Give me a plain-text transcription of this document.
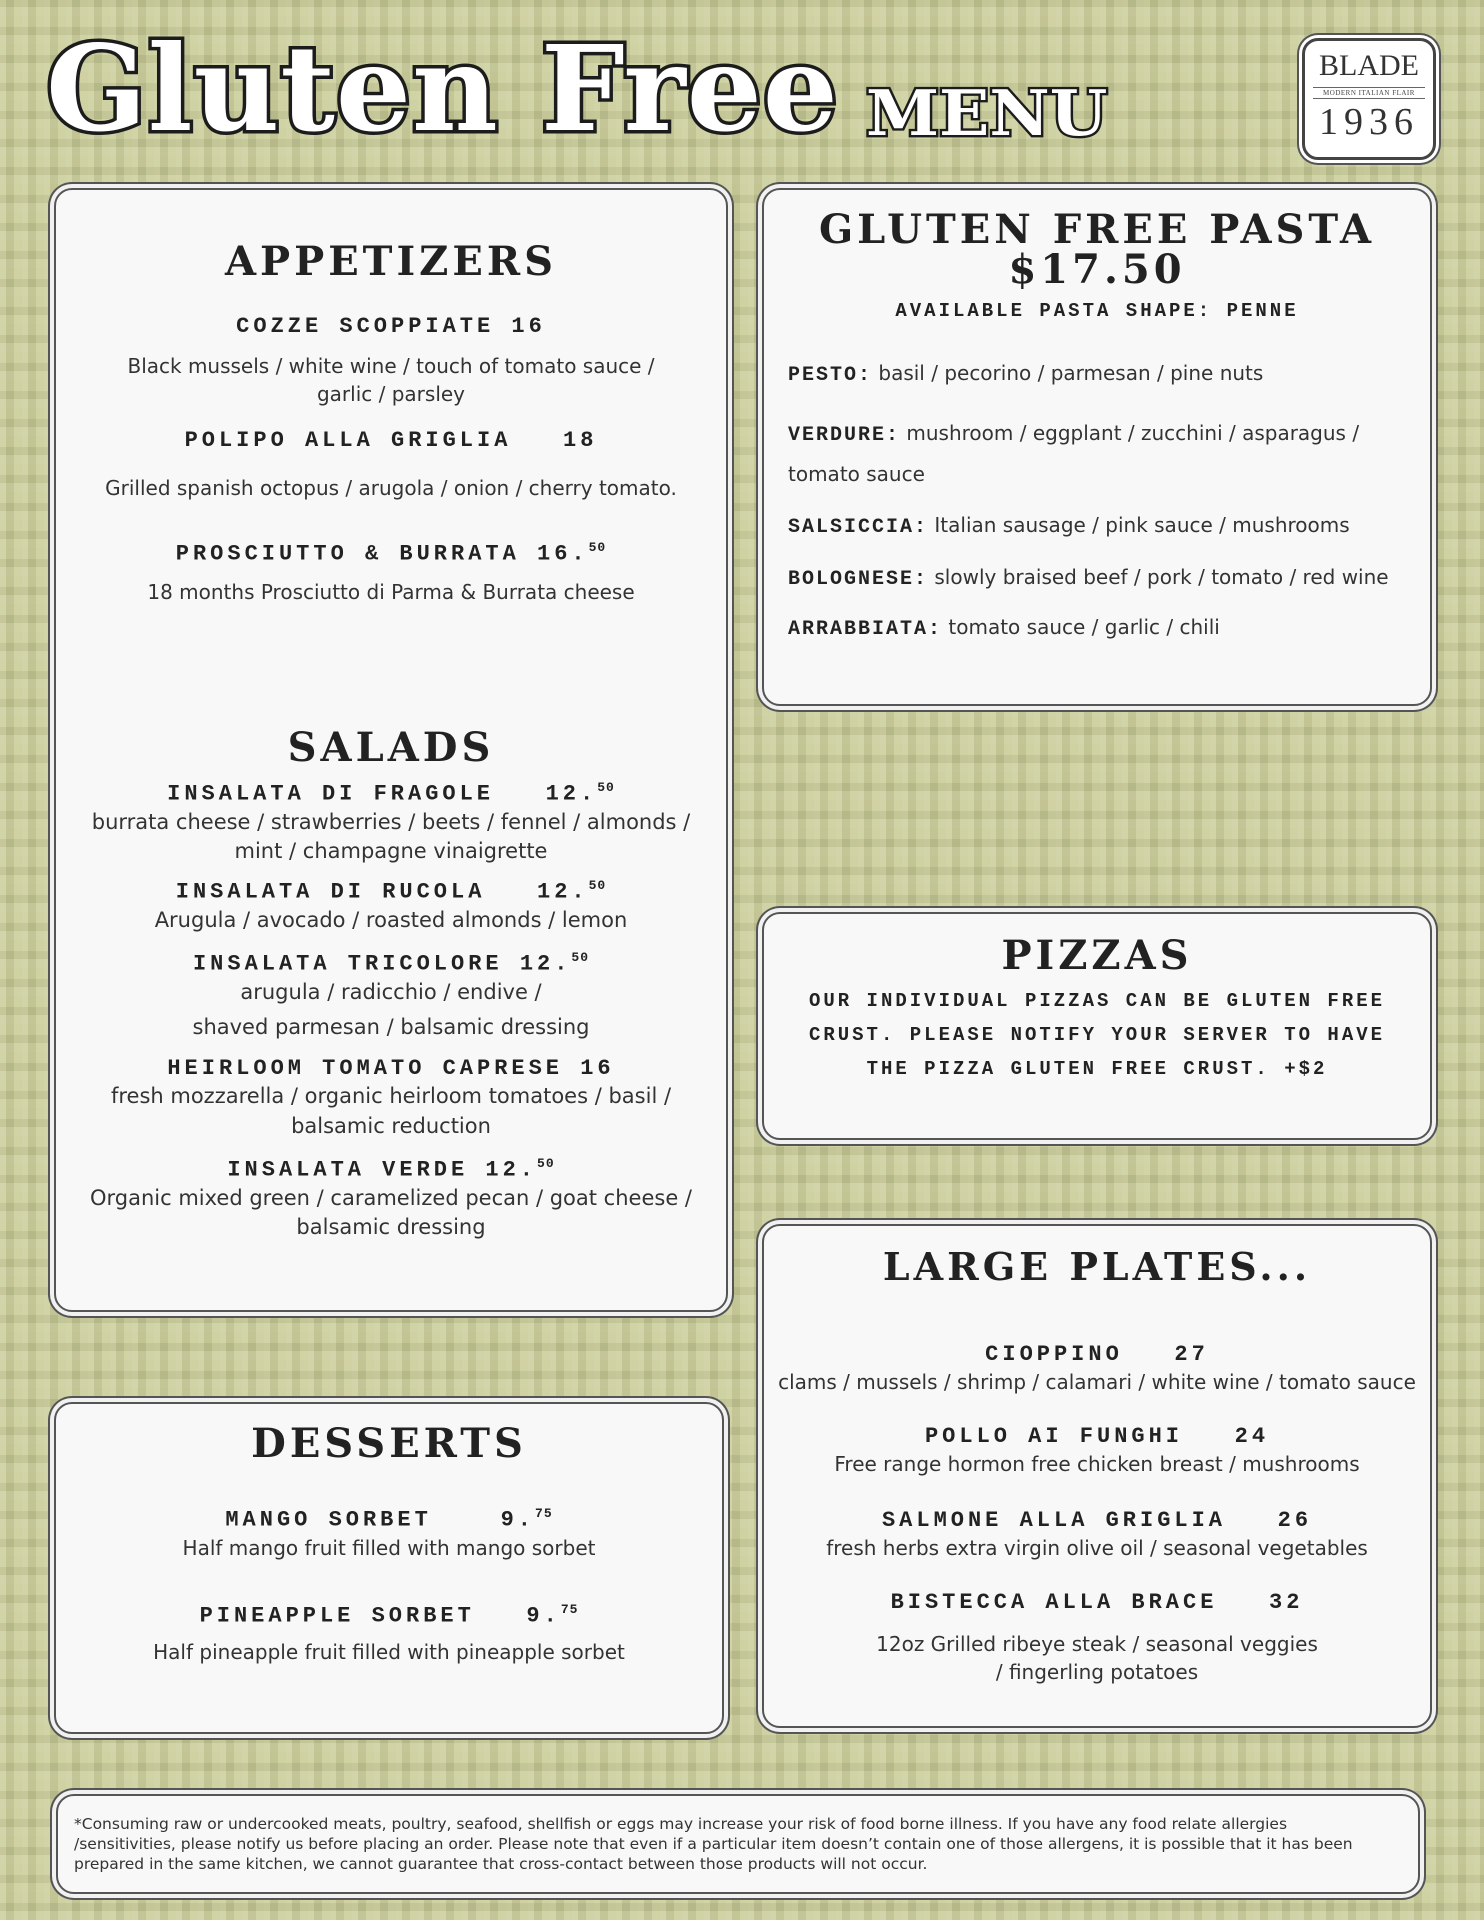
Gluten Free MENU
BLADE
MODERN ITALIAN FLAIR
1936
APPETIZERS
COZZE SCOPPIATE 16
Black mussels / white wine / touch of tomato sauce / garlic / parsley
POLIPO ALLA GRIGLIA 18
Grilled spanish octopus / arugola / onion / cherry tomato.
PROSCIUTTO & BURRATA 16.50
18 months Prosciutto di Parma & Burrata cheese
SALADS
INSALATA DI FRAGOLE 12.50
burrata cheese / strawberries / beets / fennel / almonds / mint / champagne vinaigrette
INSALATA DI RUCOLA 12.50
Arugula / avocado / roasted almonds / lemon
INSALATA TRICOLORE 12.50
arugula / radicchio / endive /
shaved parmesan / balsamic dressing
HEIRLOOM TOMATO CAPRESE 16
fresh mozzarella / organic heirloom tomatoes / basil / balsamic reduction
INSALATA VERDE 12.50
Organic mixed green / caramelized pecan / goat cheese / balsamic dressing
GLUTEN FREE PASTA
$17.50
AVAILABLE PASTA SHAPE: PENNE
PESTO: basil / pecorino / parmesan / pine nuts
VERDURE: mushroom / eggplant / zucchini / asparagus / tomato sauce
SALSICCIA: Italian sausage / pink sauce / mushrooms
BOLOGNESE: slowly braised beef / pork / tomato / red wine
ARRABBIATA: tomato sauce / garlic / chili
PIZZAS
OUR INDIVIDUAL PIZZAS CAN BE GLUTEN FREE CRUST. PLEASE NOTIFY YOUR SERVER TO HAVE THE PIZZA GLUTEN FREE CRUST. +$2
LARGE PLATES...
CIOPPINO 27
clams / mussels / shrimp / calamari / white wine / tomato sauce
POLLO AI FUNGHI 24
Free range hormon free chicken breast / mushrooms
SALMONE ALLA GRIGLIA 26
fresh herbs extra virgin olive oil / seasonal vegetables
BISTECCA ALLA BRACE 32
12oz Grilled ribeye steak / seasonal veggies / fingerling potatoes
DESSERTS
MANGO SORBET	9.75
Half mango fruit filled with mango sorbet
PINEAPPLE SORBET 9.75
Half pineapple fruit filled with pineapple sorbet
*Consuming raw or undercooked meats, poultry, seafood, shellfish or eggs may increase your risk of food borne illness. If you have any food relate allergies /sensitivities, please notify us before placing an order. Please note that even if a particular item doesn’t contain one of those allergens, it is possible that it has been prepared in the same kitchen, we cannot guarantee that cross-contact between those products will not occur.
